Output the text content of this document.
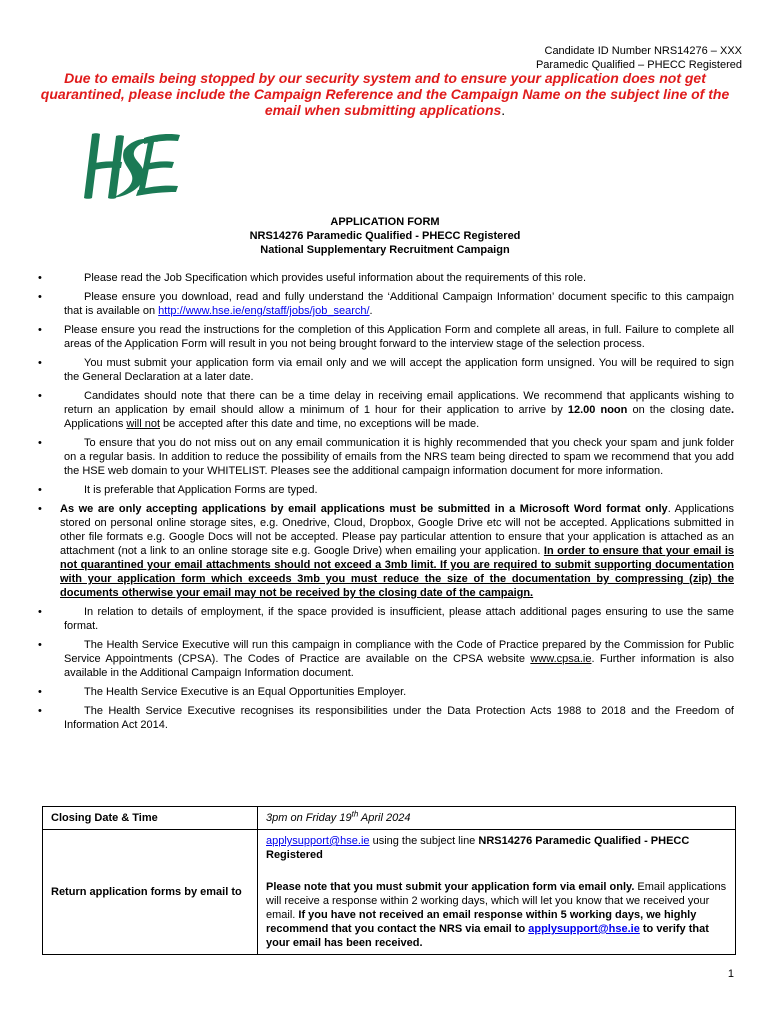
Candidate ID Number NRS14276 – XXX
Paramedic Qualified – PHECC Registered
Due to emails being stopped by our security system and to ensure your application does not get quarantined, please include the Campaign Reference and the Campaign Name on the subject line of the email when submitting applications.
APPLICATION FORM
NRS14276 Paramedic Qualified - PHECC Registered
National Supplementary Recruitment Campaign
•	Please read the Job Specification which provides useful information about the requirements of this role.
•	Please ensure you download, read and fully understand the ‘Additional Campaign Information’ document specific to this campaign that is available on http://www.hse.ie/eng/staff/jobs/job_search/.
•	Please ensure you read the instructions for the completion of this Application Form and complete all areas, in full. Failure to complete all areas of the Application Form will result in you not being brought forward to the interview stage of the selection process.
•	You must submit your application form via email only and we will accept the application form unsigned. You will be required to sign the General Declaration at a later date.
•	Candidates should note that there can be a time delay in receiving email applications. We recommend that applicants wishing to return an application by email should allow a minimum of 1 hour for their application to arrive by 12.00 noon on the closing date. Applications will not be accepted after this date and time, no exceptions will be made.
•	To ensure that you do not miss out on any email communication it is highly recommended that you check your spam and junk folder on a regular basis. In addition to reduce the possibility of emails from the NRS team being directed to spam we recommend that you add the HSE web domain to your WHITELIST. Pleases see the additional campaign information document for more information.
•	It is preferable that Application Forms are typed.
•	As we are only accepting applications by email applications must be submitted in a Microsoft Word format only. Applications stored on personal online storage sites, e.g. Onedrive, Cloud, Dropbox, Google Drive etc will not be accepted. Applications submitted in other file formats e.g. Google Docs will not be accepted. Please pay particular attention to ensure that your application is attached as an attachment (not a link to an online storage site e.g. Google Drive) when emailing your application. In order to ensure that your email is not quarantined your email attachments should not exceed a 3mb limit. If you are required to submit supporting documentation with your application form which exceeds 3mb you must reduce the size of the documentation by compressing (zip) the documents otherwise your email may not be received by the closing date of the campaign.
•	In relation to details of employment, if the space provided is insufficient, please attach additional pages ensuring to use the same format.
•	The Health Service Executive will run this campaign in compliance with the Code of Practice prepared by the Commission for Public Service Appointments (CPSA). The Codes of Practice are available on the CPSA website www.cpsa.ie. Further information is also available in the Additional Campaign Information document.
•	The Health Service Executive is an Equal Opportunities Employer.
•	The Health Service Executive recognises its responsibilities under the Data Protection Acts 1988 to 2018 and the Freedom of Information Act 2014.
Closing Date & Time	3pm on Friday 19th April 2024
Return application forms by email to	applysupport@hse.ie using the subject line NRS14276 Paramedic Qualified - PHECC Registered
Please note that you must submit your application form via email only. Email applications will receive a response within 2 working days, which will let you know that we received your email. If you have not received an email response within 5 working days, we highly recommend that you contact the NRS via email to applysupport@hse.ie to verify that your email has been received.
1
